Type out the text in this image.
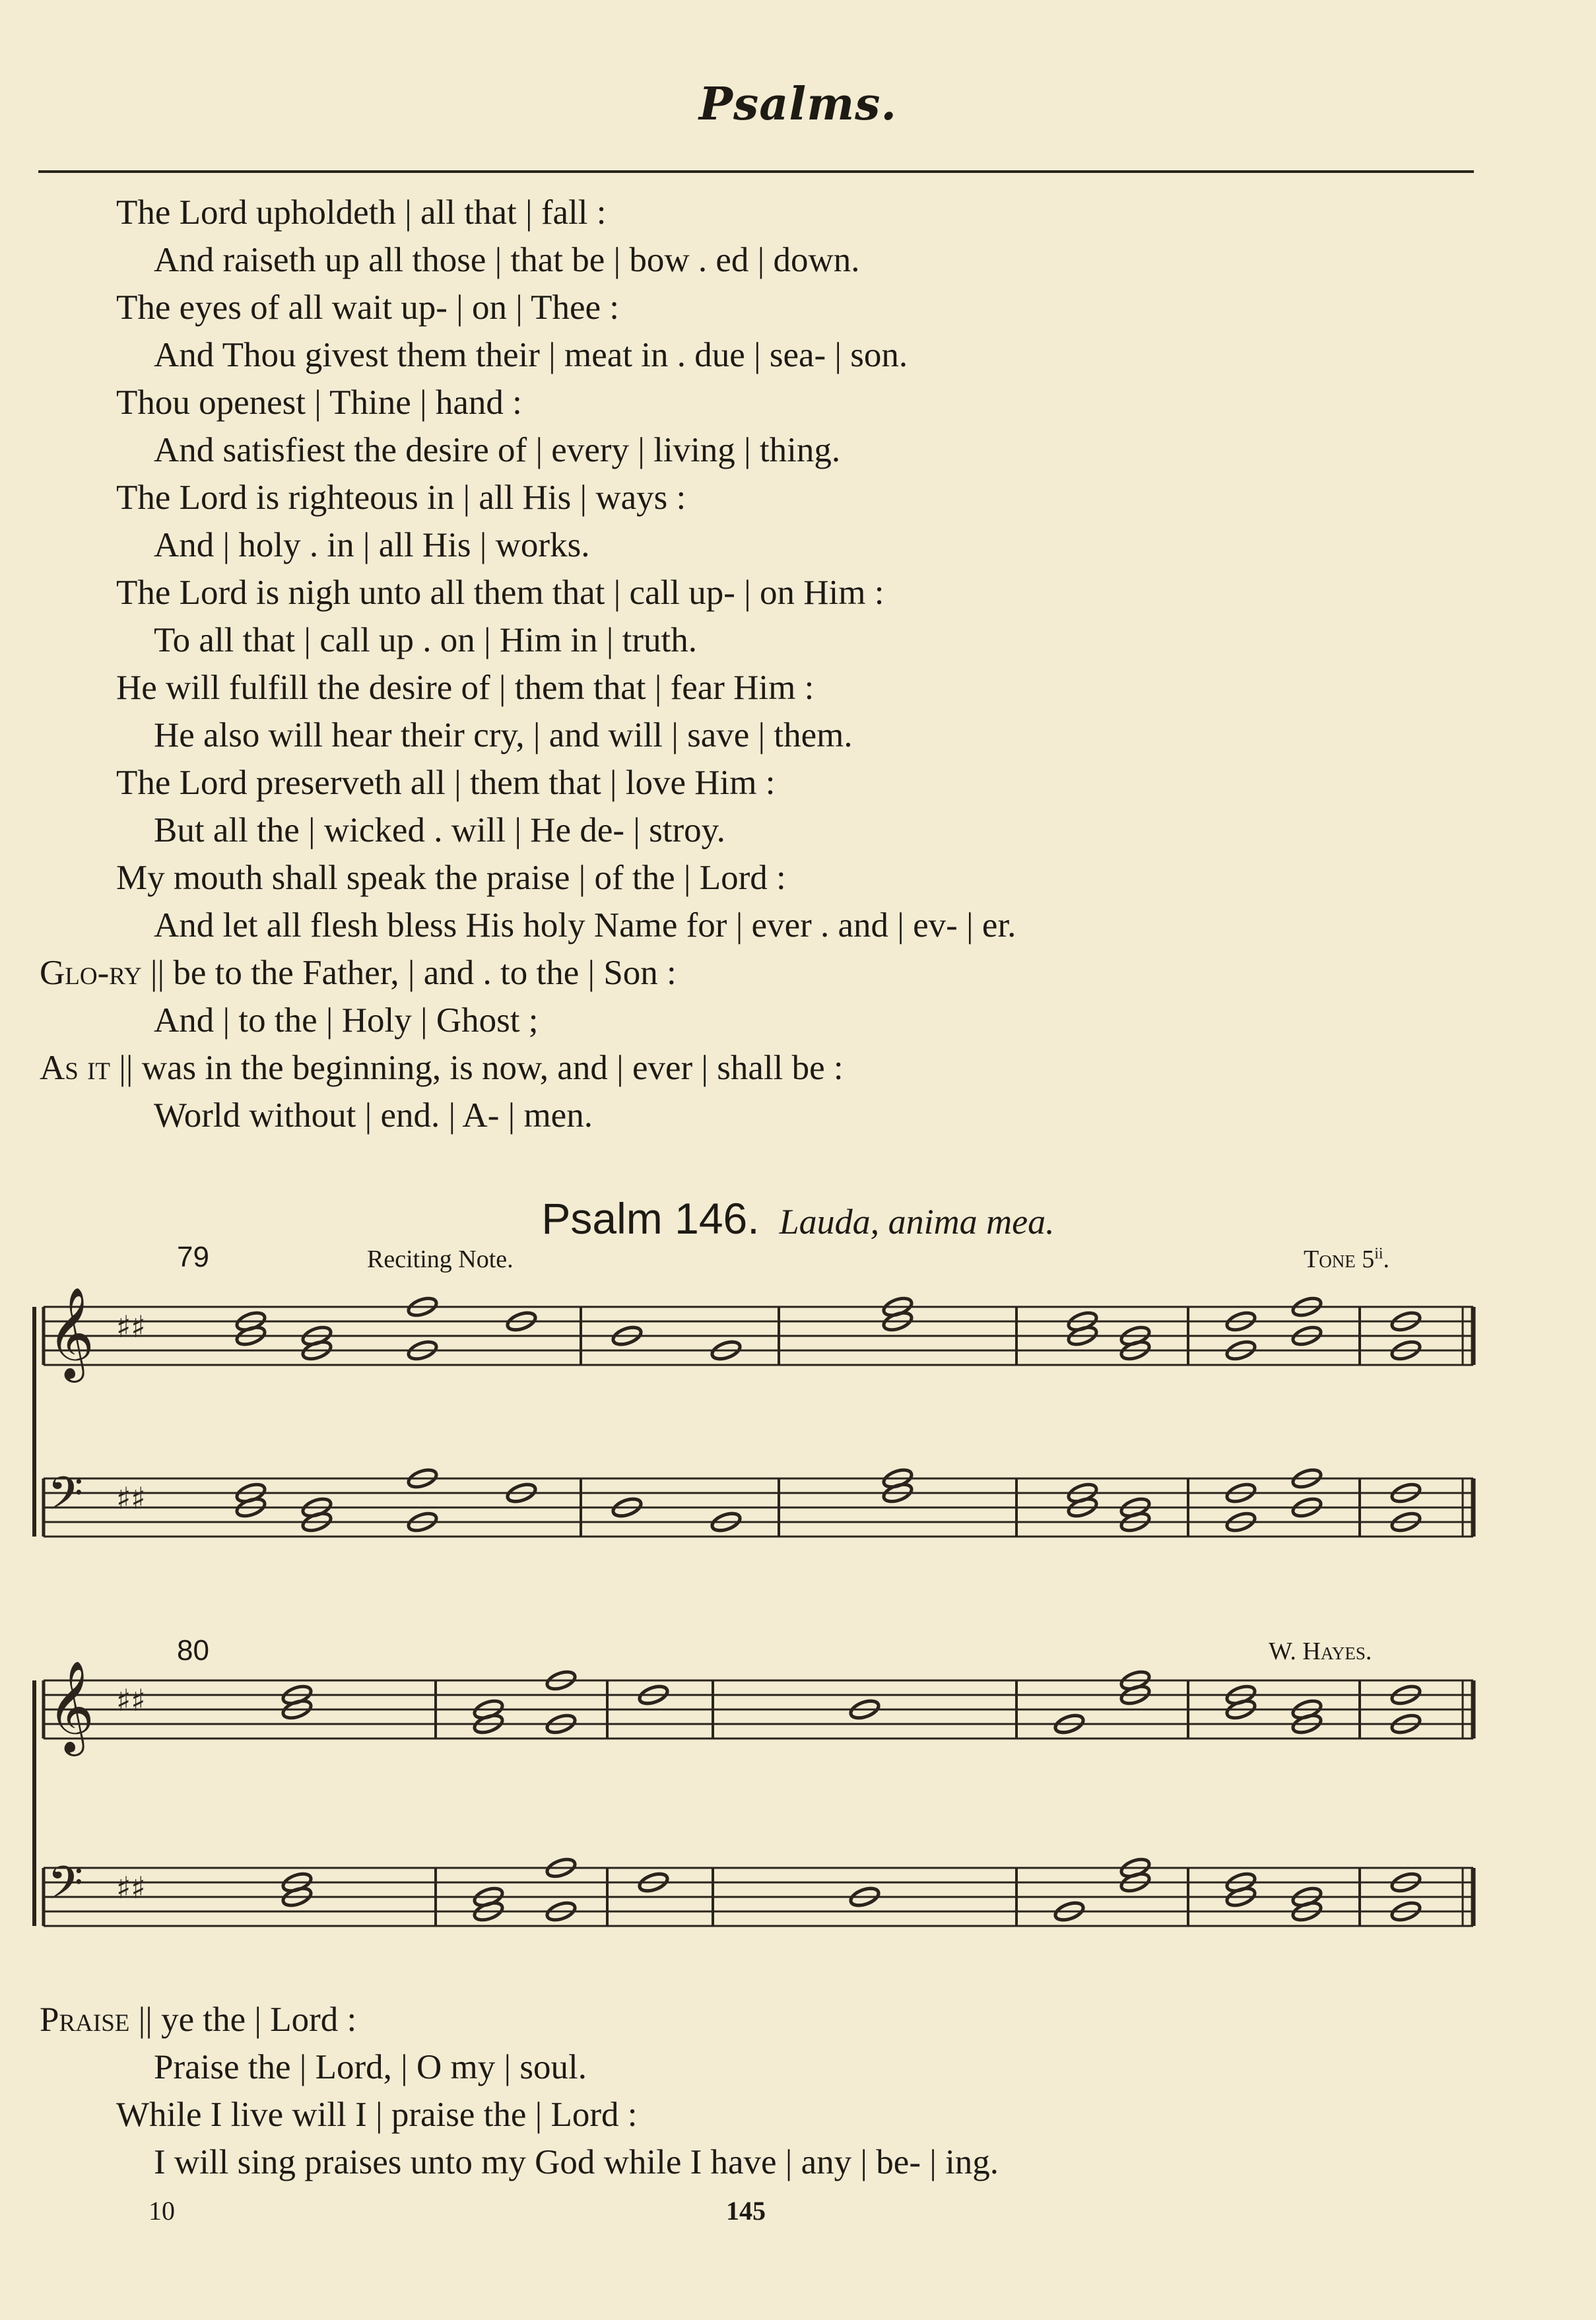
Psalms.
The Lord upholdeth | all that | fall :
And raiseth up all those | that be | bow . ed | down.
The eyes of all wait up- | on | Thee :
And Thou givest them their | meat in . due | sea- | son.
Thou openest | Thine | hand :
And satisfiest the desire of | every | living | thing.
The Lord is righteous in | all His | ways :
And | holy . in | all His | works.
The Lord is nigh unto all them that | call up- | on Him :
To all that | call up . on | Him in | truth.
He will fulfill the desire of | them that | fear Him :
He also will hear their cry, | and will | save | them.
The Lord preserveth all | them that | love Him :
But all the | wicked . will | He de- | stroy.
My mouth shall speak the praise | of the | Lord :
And let all flesh bless His holy Name for | ever . and | ev- | er.
Glo-ry || be to the Father, | and . to the | Son :
And | to the | Holy | Ghost ;
As it || was in the beginning, is now, and | ever | shall be :
World without | end. | A- | men.
Psalm 146. Lauda, anima mea.
79	Reciting Note.	Tone 5$^{ii}$.
80	W. Hayes.
𝄞 ♯♯
𝄢 ♯♯
𝄞 ♯♯
𝄢 ♯♯
Praise || ye the | Lord :
Praise the | Lord, | O my | soul.
While I live will I | praise the | Lord :
I will sing praises unto my God while I have | any | be- | ing.
10	145
